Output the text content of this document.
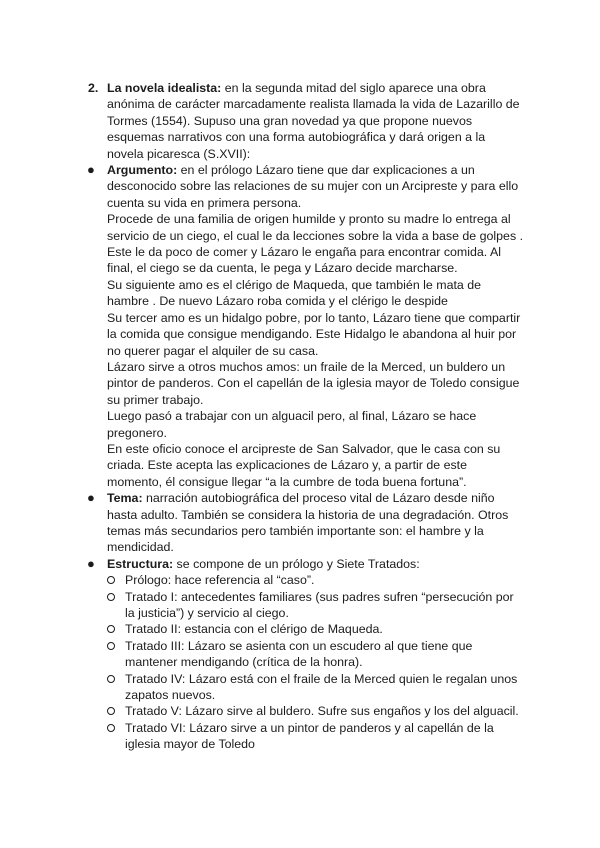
2. La novela idealista: en la segunda mitad del siglo aparece una obra anónima de carácter marcadamente realista llamada la vida de Lazarillo de Tormes (1554). Supuso una gran novedad ya que propone nuevos esquemas narrativos con una forma autobiográfica y dará origen a la novela picaresca (S.XVII):

● Argumento: en el prólogo Lázaro tiene que dar explicaciones a un desconocido sobre las relaciones de su mujer con un Arcipreste y para ello cuenta su vida en primera persona.

Procede de una familia de origen humilde y pronto su madre lo entrega al servicio de un ciego, el cual le da lecciones sobre la vida a base de golpes . Este le da poco de comer y Lázaro le engaña para encontrar comida. Al final, el ciego se da cuenta, le pega y Lázaro decide marcharse.

Su siguiente amo es el clérigo de Maqueda, que también le mata de hambre . De nuevo Lázaro roba comida y el clérigo le despide

Su tercer amo es un hidalgo pobre, por lo tanto, Lázaro tiene que compartir la comida que consigue mendigando. Este Hidalgo le abandona al huir por no querer pagar el alquiler de su casa.

Lázaro sirve a otros muchos amos: un fraile de la Merced, un buldero un pintor de panderos. Con el capellán de la iglesia mayor de Toledo consigue su primer trabajo.

Luego pasó a trabajar con un alguacil pero, al final, Lázaro se hace pregonero.

En este oficio conoce el arcipreste de San Salvador, que le casa con su criada. Este acepta las explicaciones de Lázaro y, a partir de este momento, él consigue llegar “a la cumbre de toda buena fortuna”.

● Tema: narración autobiográfica del proceso vital de Lázaro desde niño hasta adulto. También se considera la historia de una degradación. Otros temas más secundarios pero también importante son: el hambre y la mendicidad.

● Estructura: se compone de un prólogo y Siete Tratados:

Prólogo: hace referencia al “caso”.
Tratado I: antecedentes familiares (sus padres sufren “persecución por la justicia”) y servicio al ciego.
Tratado II: estancia con el clérigo de Maqueda.
Tratado III: Lázaro se asienta con un escudero al que tiene que mantener mendigando (crítica de la honra).
Tratado IV: Lázaro está con el fraile de la Merced quien le regalan unos zapatos nuevos.
Tratado V: Lázaro sirve al buldero. Sufre sus engaños y los del alguacil.
Tratado VI: Lázaro sirve a un pintor de panderos y al capellán de la iglesia mayor de Toledo
